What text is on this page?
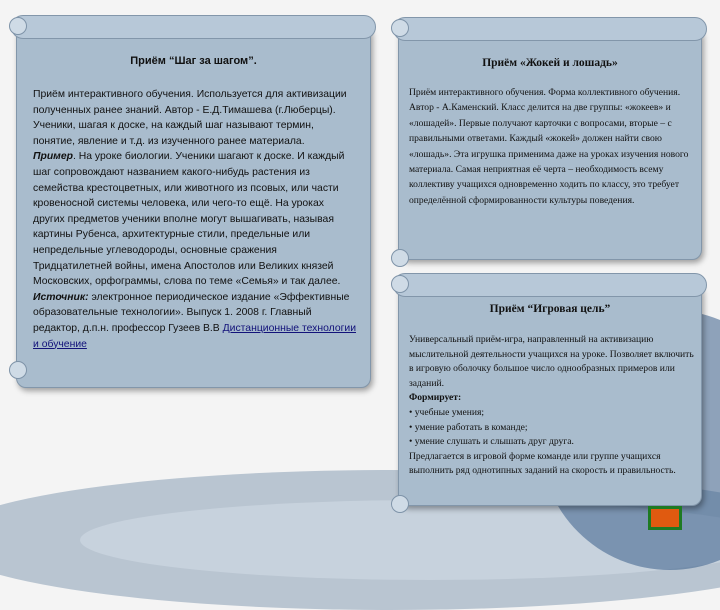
Приём “Шаг за шагом”.

Приём интерактивного обучения. Используется для активизации полученных ранее знаний. Автор - Е.Д.Тимашева (г.Люберцы).

Ученики, шагая к доске, на каждый шаг называют термин, понятие, явление и т.д. из изученного ранее материала.

Пример. На уроке биологии. Ученики шагают к доске. И каждый шаг сопровождают названием какого-нибудь растения из семейства крестоцветных, или животного из псовых, или части кровеносной системы человека, или чего-то ещё. На уроках других предметов ученики вполне могут вышагивать, называя картины Рубенса, архитектурные стили, предельные или непредельные углеводороды, основные сражения Тридцатилетней войны, имена Апостолов или Великих князей Московских, орфограммы, слова по теме «Семья» и так далее.

Источник: электронное периодическое издание «Эффективные образовательные технологии». Выпуск 1. 2008 г. Главный редактор, д.п.н. профессор Гузеев В.В Дистанционные технологии и обучение

Приём «Жокей и лошадь»
Приём интерактивного обучения. Форма коллективного обучения. Автор - А.Каменский. Класс делится на две группы: «жокеев» и «лошадей». Первые получают карточки с вопросами, вторые – с правильными ответами. Каждый «жокей» должен найти свою «лошадь». Эта игрушка применима даже на уроках изучения нового материала. Самая неприятная её черта – необходимость всему коллективу учащихся одновременно ходить по классу, это требует определённой сформированности культуры поведения.
Приём “Игровая цель”

Универсальный приём-игра, направленный на активизацию мыслительной деятельности учащихся на уроке. Позволяет включить в игровую оболочку большое число однообразных примеров или заданий.

Формирует:

• учебные умения;

• умение работать в команде;

• умение слушать и слышать друг друга.

Предлагается в игровой форме команде или группе учащихся выполнить ряд однотипных заданий на скорость и правильность.
